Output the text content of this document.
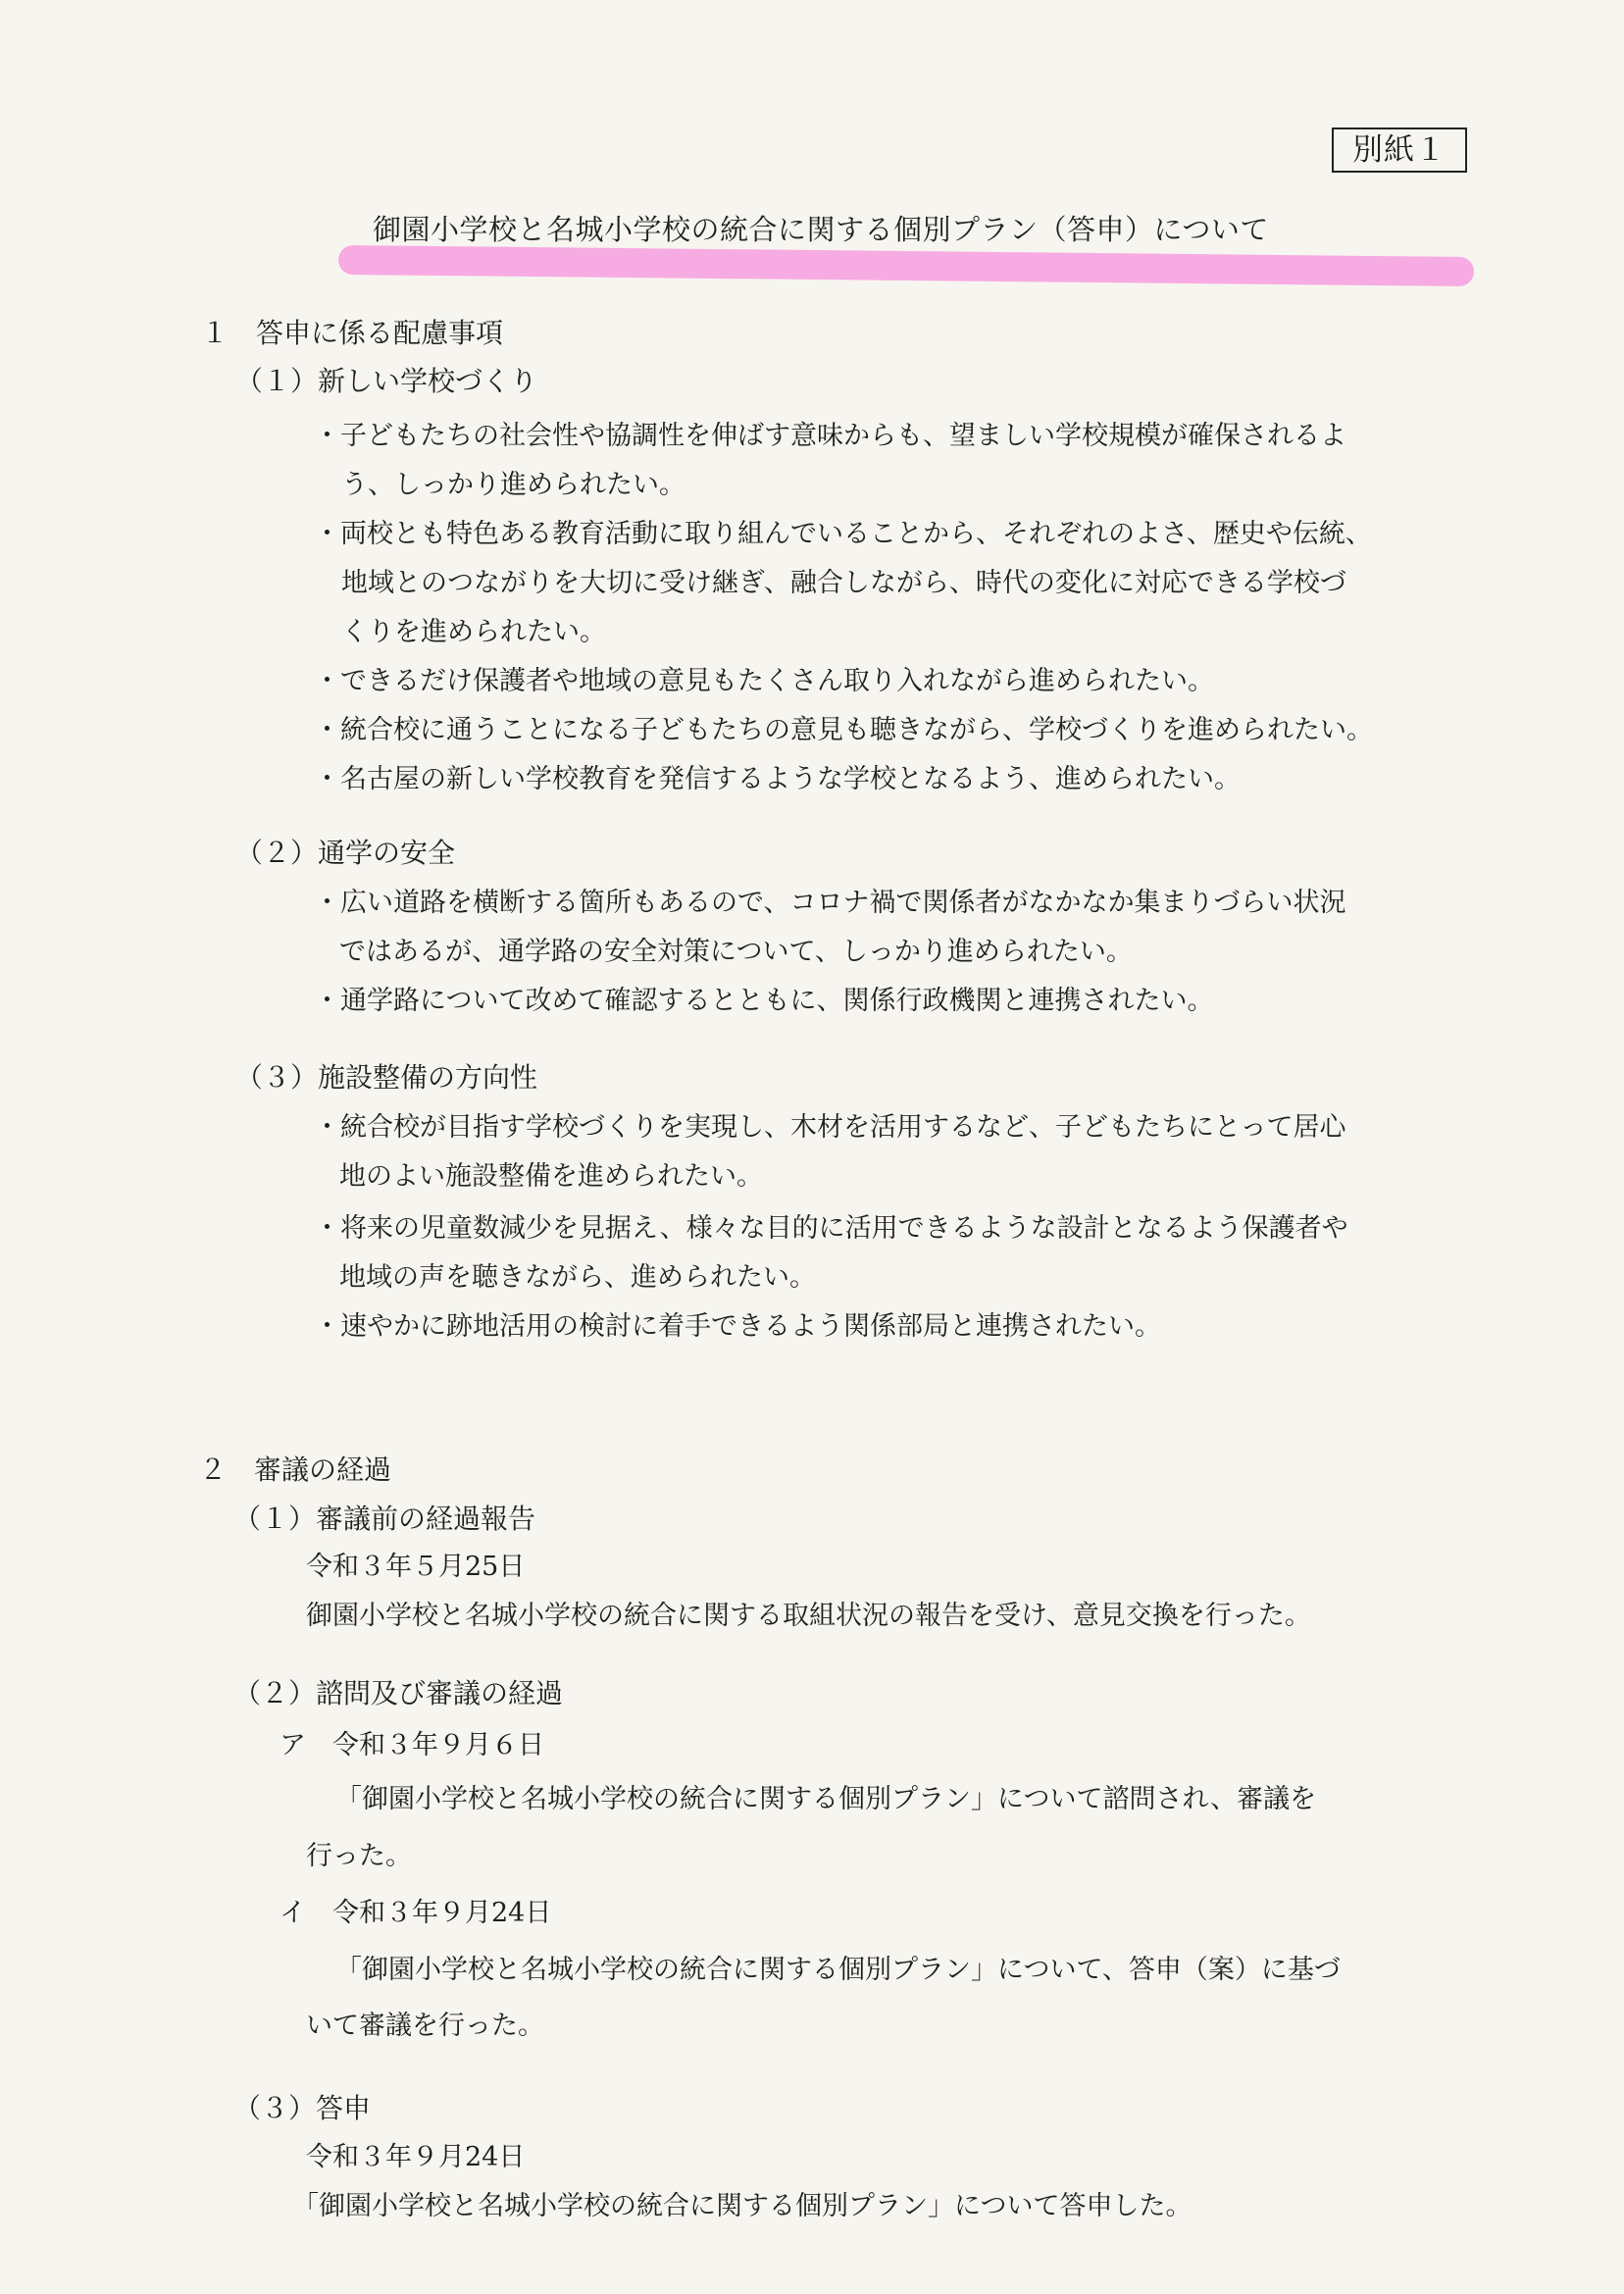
別紙１
御園小学校と名城小学校の統合に関する個別プラン（答申）について
１　答申に係る配慮事項
（１）新しい学校づくり
・子どもたちの社会性や協調性を伸ばす意味からも、望ましい学校規模が確保されるよ
う、しっかり進められたい。
・両校とも特色ある教育活動に取り組んでいることから、それぞれのよさ、歴史や伝統、
地域とのつながりを大切に受け継ぎ、融合しながら、時代の変化に対応できる学校づ
くりを進められたい。
・できるだけ保護者や地域の意見もたくさん取り入れながら進められたい。
・統合校に通うことになる子どもたちの意見も聴きながら、学校づくりを進められたい。
・名古屋の新しい学校教育を発信するような学校となるよう、進められたい。
（２）通学の安全
・広い道路を横断する箇所もあるので、コロナ禍で関係者がなかなか集まりづらい状況
ではあるが、通学路の安全対策について、しっかり進められたい。
・通学路について改めて確認するとともに、関係行政機関と連携されたい。
（３）施設整備の方向性
・統合校が目指す学校づくりを実現し、木材を活用するなど、子どもたちにとって居心
地のよい施設整備を進められたい。
・将来の児童数減少を見据え、様々な目的に活用できるような設計となるよう保護者や
地域の声を聴きながら、進められたい。
・速やかに跡地活用の検討に着手できるよう関係部局と連携されたい。
２　審議の経過
（１）審議前の経過報告
令和３年５月25日
御園小学校と名城小学校の統合に関する取組状況の報告を受け、意見交換を行った。
（２）諮問及び審議の経過
ア　令和３年９月６日
「御園小学校と名城小学校の統合に関する個別プラン」について諮問され、審議を
行った。
イ　令和３年９月24日
「御園小学校と名城小学校の統合に関する個別プラン」について、答申（案）に基づ
いて審議を行った。
（３）答申
令和３年９月24日
「御園小学校と名城小学校の統合に関する個別プラン」について答申した。
